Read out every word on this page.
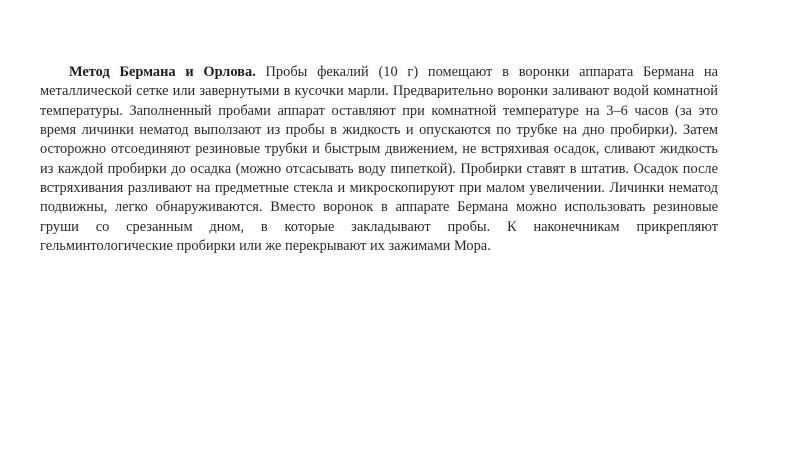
Метод Бермана и Орлова. Пробы фекалий (10 г) помещают в воронки аппарата Бермана на металлической сетке или завернутыми в кусочки марли. Предварительно воронки заливают водой комнатной температуры. Заполненный пробами аппарат оставляют при комнатной температуре на 3–6 часов (за это время личинки нематод выползают из пробы в жидкость и опускаются по трубке на дно пробирки). Затем осторожно отсоединяют резиновые трубки и быстрым движением, не встряхивая осадок, сливают жидкость из каждой пробирки до осадка (можно отсасывать воду пипеткой). Пробирки ставят в штатив. Осадок после встряхивания разливают на предметные стекла и микроскопируют при малом увеличении. Личинки нематод подвижны, легко обнаруживаются. Вместо воронок в аппарате Бермана можно использовать резиновые груши со срезанным дном, в которые закладывают пробы. К наконечникам прикрепляют гельминтологические пробирки или же перекрывают их зажимами Мора.
